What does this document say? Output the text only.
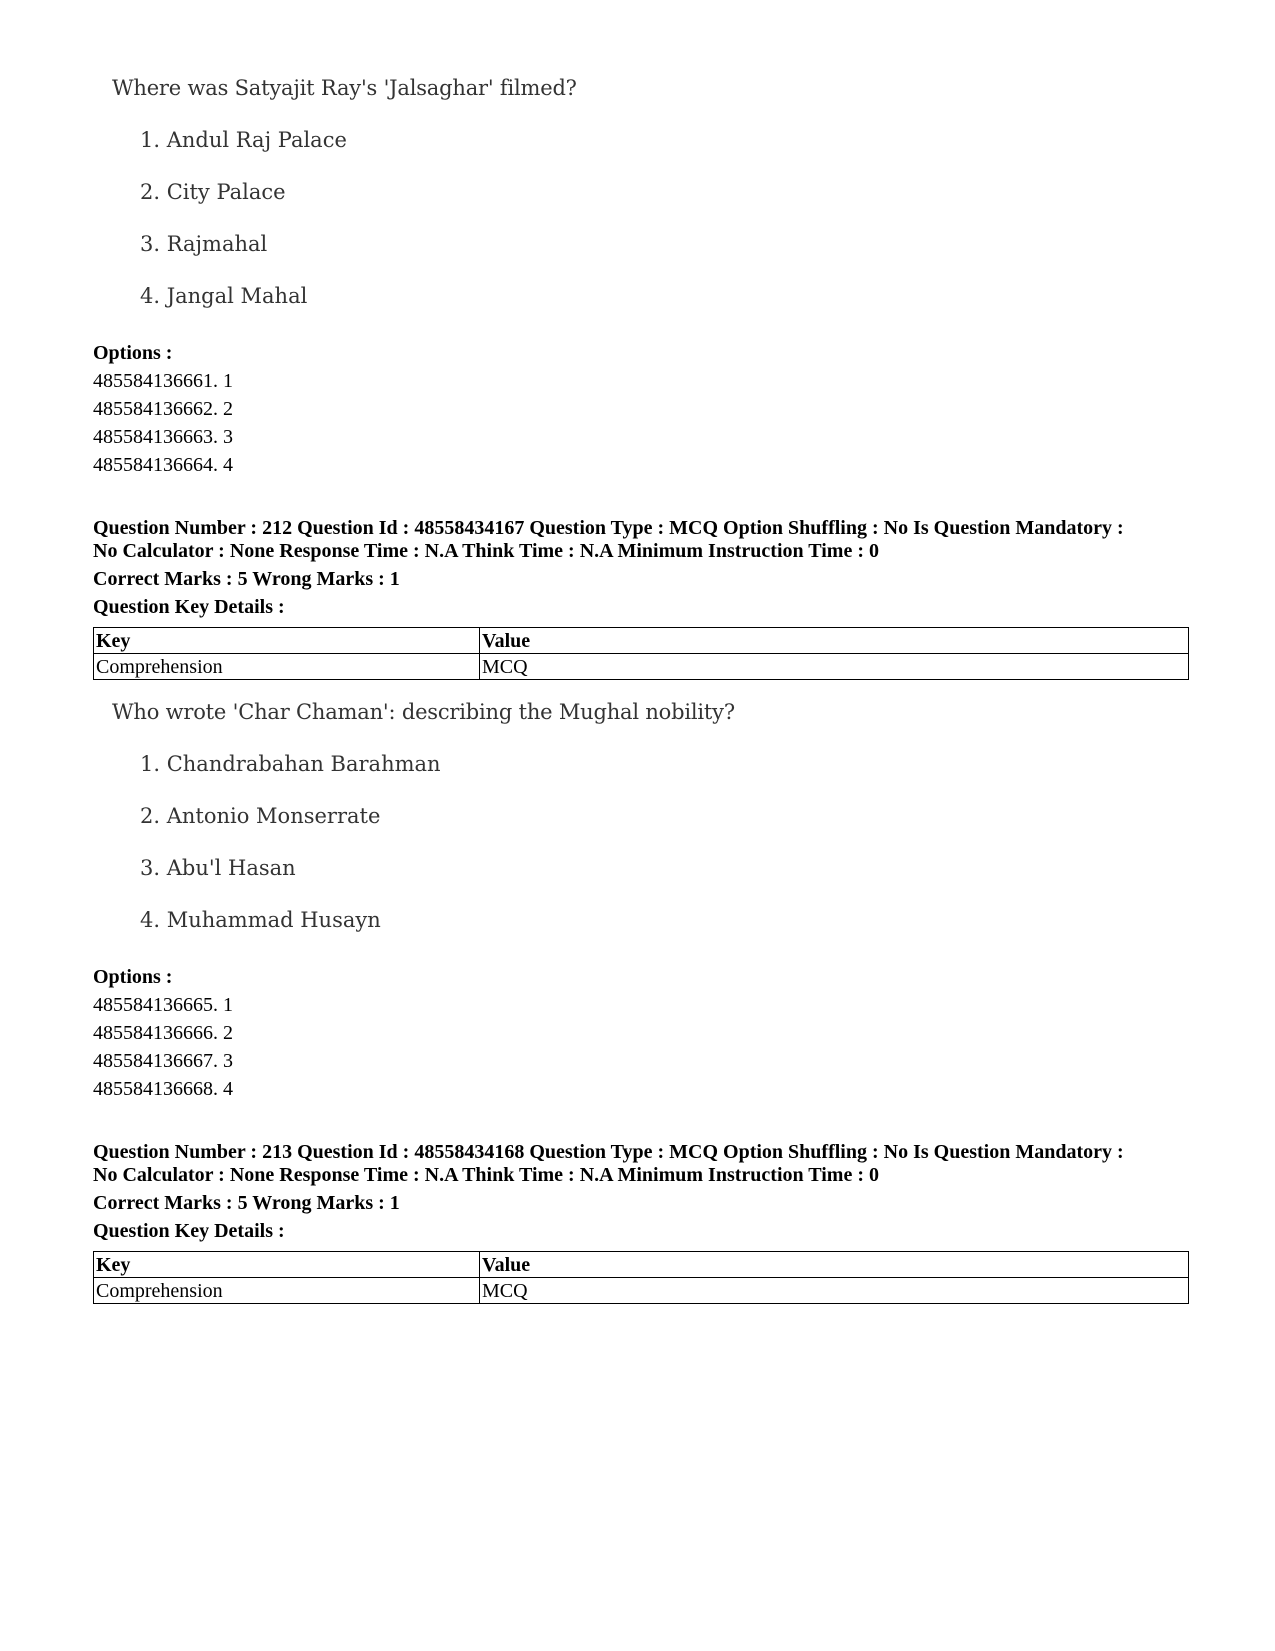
Where was Satyajit Ray's 'Jalsaghar' filmed?

1. Andul Raj Palace

2. City Palace

3. Rajmahal

4. Jangal Mahal

Options :
485584136661. 1
485584136662. 2
485584136663. 3
485584136664. 4
Question Number : 212 Question Id : 48558434167 Question Type : MCQ Option Shuffling : No Is Question Mandatory :
No Calculator : None Response Time : N.A Think Time : N.A Minimum Instruction Time : 0
Correct Marks : 5 Wrong Marks : 1
Question Key Details :
Key	Value
Comprehension	MCQ

Who wrote 'Char Chaman': describing the Mughal nobility?

1. Chandrabahan Barahman

2. Antonio Monserrate

3. Abu'l Hasan

4. Muhammad Husayn

Options :
485584136665. 1
485584136666. 2
485584136667. 3
485584136668. 4
Question Number : 213 Question Id : 48558434168 Question Type : MCQ Option Shuffling : No Is Question Mandatory :
No Calculator : None Response Time : N.A Think Time : N.A Minimum Instruction Time : 0
Correct Marks : 5 Wrong Marks : 1
Question Key Details :
Key	Value
Comprehension	MCQ
